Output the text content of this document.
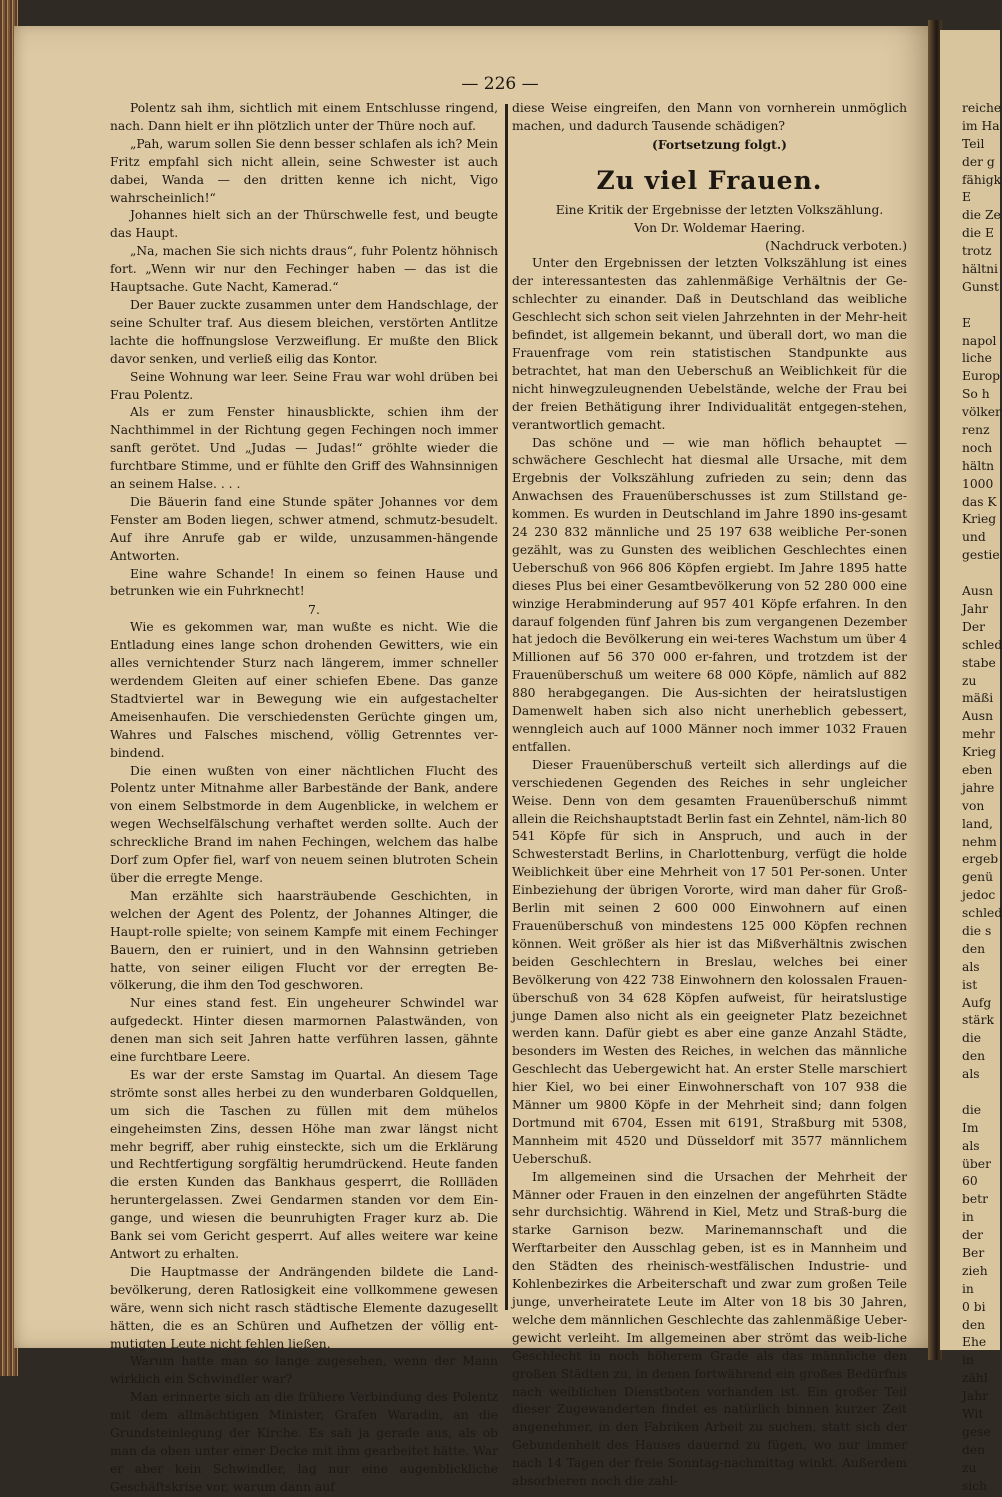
— 226 —

Polentz sah ihm, sichtlich mit einem Entschlusse ringend, nach. Dann hielt er ihn plötzlich unter der Thüre noch auf.

„Pah, warum sollen Sie denn besser schlafen als ich? Mein Fritz empfahl sich nicht allein, seine Schwester ist auch dabei, Wanda — den dritten kenne ich nicht, Vigo wahrscheinlich!“

Johannes hielt sich an der Thürschwelle fest, und beugte das Haupt.

„Na, machen Sie sich nichts draus“, fuhr Polentz höhnisch fort. „Wenn wir nur den Fechinger haben — das ist die Hauptsache. Gute Nacht, Kamerad.“

Der Bauer zuckte zusammen unter dem Handschlage, der seine Schulter traf. Aus diesem bleichen, verstörten Antlitze lachte die hoffnungslose Verzweiflung. Er mußte den Blick davor senken, und verließ eilig das Kontor.

Seine Wohnung war leer. Seine Frau war wohl drüben bei Frau Polentz.

Als er zum Fenster hinausblickte, schien ihm der Nachthimmel in der Richtung gegen Fechingen noch immer sanft gerötet. Und „Judas — Judas!“ gröhlte wieder die furchtbare Stimme, und er fühlte den Griff des Wahnsinnigen an seinem Halse. . . .

Die Bäuerin fand eine Stunde später Johannes vor dem Fenster am Boden liegen, schwer atmend, schmutz-besudelt. Auf ihre Anrufe gab er wilde, unzusammen-hängende Antworten.

Eine wahre Schande! In einem so feinen Hause und betrunken wie ein Fuhrknecht!

7.

Wie es gekommen war, man wußte es nicht. Wie die Entladung eines lange schon drohenden Gewitters, wie ein alles vernichtender Sturz nach längerem, immer schneller werdendem Gleiten auf einer schiefen Ebene. Das ganze Stadtviertel war in Bewegung wie ein aufgestachelter Ameisenhaufen. Die verschiedensten Gerüchte gingen um, Wahres und Falsches mischend, völlig Getrenntes ver-bindend.

Die einen wußten von einer nächtlichen Flucht des Polentz unter Mitnahme aller Barbestände der Bank, andere von einem Selbstmorde in dem Augenblicke, in welchem er wegen Wechselfälschung verhaftet werden sollte. Auch der schreckliche Brand im nahen Fechingen, welchem das halbe Dorf zum Opfer fiel, warf von neuem seinen blutroten Schein über die erregte Menge.

Man erzählte sich haarsträubende Geschichten, in welchen der Agent des Polentz, der Johannes Altinger, die Haupt-rolle spielte; von seinem Kampfe mit einem Fechinger Bauern, den er ruiniert, und in den Wahnsinn getrieben hatte, von seiner eiligen Flucht vor der erregten Be-völkerung, die ihm den Tod geschworen.

Nur eines stand fest. Ein ungeheurer Schwindel war aufgedeckt. Hinter diesen marmornen Palastwänden, von denen man sich seit Jahren hatte verführen lassen, gähnte eine furchtbare Leere.

Es war der erste Samstag im Quartal. An diesem Tage strömte sonst alles herbei zu den wunderbaren Goldquellen, um sich die Taschen zu füllen mit dem mühelos eingeheimsten Zins, dessen Höhe man zwar längst nicht mehr begriff, aber ruhig einsteckte, sich um die Erklärung und Rechtfertigung sorgfältig herumdrückend. Heute fanden die ersten Kunden das Bankhaus gesperrt, die Rollläden heruntergelassen. Zwei Gendarmen standen vor dem Ein-gange, und wiesen die beunruhigten Frager kurz ab. Die Bank sei vom Gericht gesperrt. Auf alles weitere war keine Antwort zu erhalten.

Die Hauptmasse der Andrängenden bildete die Land-bevölkerung, deren Ratlosigkeit eine vollkommene gewesen wäre, wenn sich nicht rasch städtische Elemente dazugesellt hätten, die es an Schüren und Aufhetzen der völlig ent-mutigten Leute nicht fehlen ließen.

Warum hatte man so lange zugesehen, wenn der Mann wirklich ein Schwindler war?

Man erinnerte sich an die frühere Verbindung des Polentz mit dem allmächtigen Minister, Grafen Waradin, an die Grundsteinlegung der Kirche. Es sah ja gerade aus, als ob man da oben unter einer Decke mit ihm gearbeitet hätte. War er aber kein Schwindler, lag nur eine augenblickliche Geschäftskrise vor, warum dann auf

diese Weise eingreifen, den Mann von vornherein unmöglich machen, und dadurch Tausende schädigen?

(Fortsetzung folgt.)

Zu viel Frauen.

Eine Kritik der Ergebnisse der letzten Volkszählung.

Von Dr. Woldemar Haering.

(Nachdruck verboten.)

Unter den Ergebnissen der letzten Volkszählung ist eines der interessantesten das zahlenmäßige Verhältnis der Ge-schlechter zu einander. Daß in Deutschland das weibliche Geschlecht sich schon seit vielen Jahrzehnten in der Mehr-heit befindet, ist allgemein bekannt, und überall dort, wo man die Frauenfrage vom rein statistischen Standpunkte aus betrachtet, hat man den Ueberschuß an Weiblichkeit für die nicht hinwegzuleugnenden Uebelstände, welche der Frau bei der freien Bethätigung ihrer Individualität entgegen-stehen, verantwortlich gemacht.

Das schöne und — wie man höflich behauptet — schwächere Geschlecht hat diesmal alle Ursache, mit dem Ergebnis der Volkszählung zufrieden zu sein; denn das Anwachsen des Frauenüberschusses ist zum Stillstand ge-kommen. Es wurden in Deutschland im Jahre 1890 ins-gesamt 24 230 832 männliche und 25 197 638 weibliche Per-sonen gezählt, was zu Gunsten des weiblichen Geschlechtes einen Ueberschuß von 966 806 Köpfen ergiebt. Im Jahre 1895 hatte dieses Plus bei einer Gesamtbevölkerung von 52 280 000 eine winzige Herabminderung auf 957 401 Köpfe erfahren. In den darauf folgenden fünf Jahren bis zum vergangenen Dezember hat jedoch die Bevölkerung ein wei-teres Wachstum um über 4 Millionen auf 56 370 000 er-fahren, und trotzdem ist der Frauenüberschuß um weitere 68 000 Köpfe, nämlich auf 882 880 herabgegangen. Die Aus-sichten der heiratslustigen Damenwelt haben sich also nicht unerheblich gebessert, wenngleich auch auf 1000 Männer noch immer 1032 Frauen entfallen.

Dieser Frauenüberschuß verteilt sich allerdings auf die verschiedenen Gegenden des Reiches in sehr ungleicher Weise. Denn von dem gesamten Frauenüberschuß nimmt allein die Reichshauptstadt Berlin fast ein Zehntel, näm-lich 80 541 Köpfe für sich in Anspruch, und auch in der Schwesterstadt Berlins, in Charlottenburg, verfügt die holde Weiblichkeit über eine Mehrheit von 17 501 Per-sonen. Unter Einbeziehung der übrigen Vororte, wird man daher für Groß-Berlin mit seinen 2 600 000 Einwohnern auf einen Frauenüberschuß von mindestens 125 000 Köpfen rechnen können. Weit größer als hier ist das Mißverhältnis zwischen beiden Geschlechtern in Breslau, welches bei einer Bevölkerung von 422 738 Einwohnern den kolossalen Frauen-überschuß von 34 628 Köpfen aufweist, für heiratslustige junge Damen also nicht als ein geeigneter Platz bezeichnet werden kann. Dafür giebt es aber eine ganze Anzahl Städte, besonders im Westen des Reiches, in welchen das männliche Geschlecht das Uebergewicht hat. An erster Stelle marschiert hier Kiel, wo bei einer Einwohnerschaft von 107 938 die Männer um 9800 Köpfe in der Mehrheit sind; dann folgen Dortmund mit 6704, Essen mit 6191, Straßburg mit 5308, Mannheim mit 4520 und Düsseldorf mit 3577 männlichem Ueberschuß.

Im allgemeinen sind die Ursachen der Mehrheit der Männer oder Frauen in den einzelnen der angeführten Städte sehr durchsichtig. Während in Kiel, Metz und Straß-burg die starke Garnison bezw. Marinemannschaft und die Werftarbeiter den Ausschlag geben, ist es in Mannheim und den Städten des rheinisch-westfälischen Industrie- und Kohlenbezirkes die Arbeiterschaft und zwar zum großen Teile junge, unverheiratete Leute im Alter von 18 bis 30 Jahren, welche dem männlichen Geschlechte das zahlenmäßige Ueber-gewicht verleiht. Im allgemeinen aber strömt das weib-liche Geschlecht in noch höherem Grade als das männliche den großen Städten zu, in denen fortwährend ein großes Bedürfnis nach weiblichen Dienstboten vorhanden ist. Ein großer Teil dieser Zugewanderten findet es natürlich binnen kurzer Zeit angenehmer, in den Fabriken Arbeit zu suchen, statt sich der Gebundenheit des Hauses dauernd zu fügen, wo nur immer nach 14 Tagen der freie Sonntag-nachmittag winkt. Außerdem absorbieren noch die zahl-

reiche
im Ha
Teil
der g
fähigk
E
die Ze
die E
trotz
hältni
Gunst
E
napol
liche
Europ
So h
völker
renz
noch
hältn
1000
das K
Krieg
und
gestie
Ausn
Jahr
Der
schled
stabe
zu
mäßi
Ausn
mehr
Krieg
eben
jahre
von
land,
nehm
ergeb
genü
jedoc
schled
die s
den
als
ist
Aufg
stärk
die
den
als
die
Im
als
über
60
betr
in
der
Ber
zieh
in
0 bi
den
Ehe
in
zähl
Jahr
Wit
gese
den
zu
sich
